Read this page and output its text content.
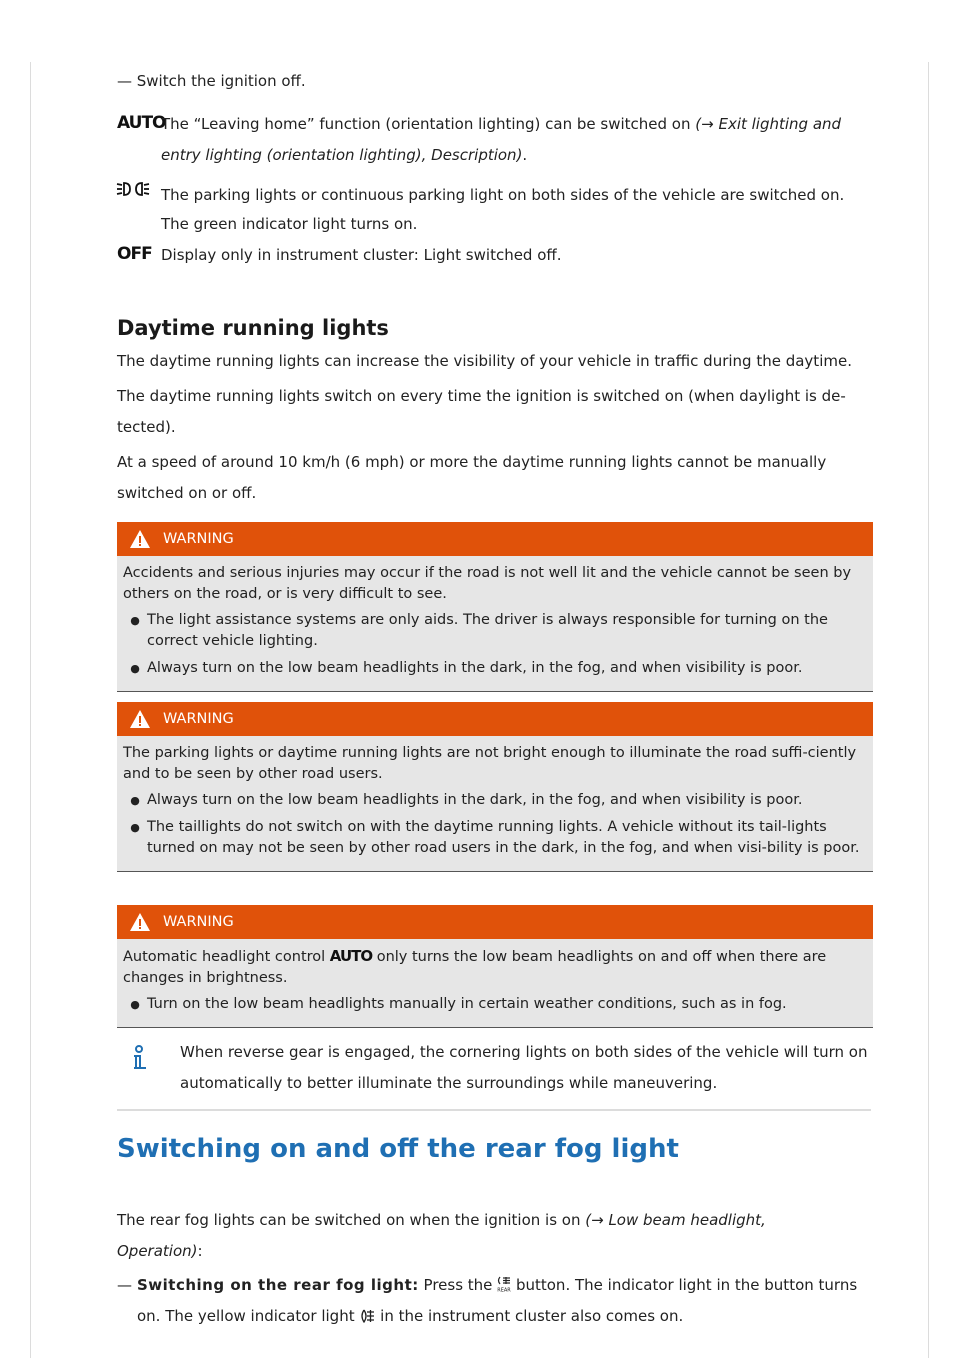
— Switch the ignition off.

AUTO
The “Leaving home” function (orientation lighting) can be switched on (→ Exit lighting and entry lighting (orientation lighting), Description).

The parking lights or continuous parking light on both sides of the vehicle are switched on.

The green indicator light turns on.

OFF Display only in instrument cluster: Light switched off.

Daytime running lights

The daytime running lights can increase the visibility of your vehicle in traffic during the daytime.

The daytime running lights switch on every time the ignition is switched on (when daylight is de-tected).

At a speed of around 10 km/h (6 mph) or more the daytime running lights cannot be manually switched on or off.

WARNING

Accidents and serious injuries may occur if the road is not well lit and the vehicle cannot be seen by others on the road, or is very difficult to see.

● The light assistance systems are only aids. The driver is always responsible for turning on the correct vehicle lighting.
● Always turn on the low beam headlights in the dark, in the fog, and when visibility is poor.
WARNING

The parking lights or daytime running lights are not bright enough to illuminate the road suffi-ciently and to be seen by other road users.

● Always turn on the low beam headlights in the dark, in the fog, and when visibility is poor.
● The taillights do not switch on with the daytime running lights. A vehicle without its tail-lights turned on may not be seen by other road users in the dark, in the fog, and when visi-bility is poor.
WARNING

Automatic headlight control AUTO only turns the low beam headlights on and off when there are changes in brightness.

● Turn on the low beam headlights manually in certain weather conditions, such as in fog.

When reverse gear is engaged, the cornering lights on both sides of the vehicle will turn on automatically to better illuminate the surroundings while maneuvering.

Switching on and off the rear fog light
The rear fog lights can be switched on when the ignition is on (→ Low beam headlight, Operation):
— Switching on the rear fog light: Press the REAR button. The indicator light in the button turns on. The yellow indicator light in the instrument cluster also comes on.
